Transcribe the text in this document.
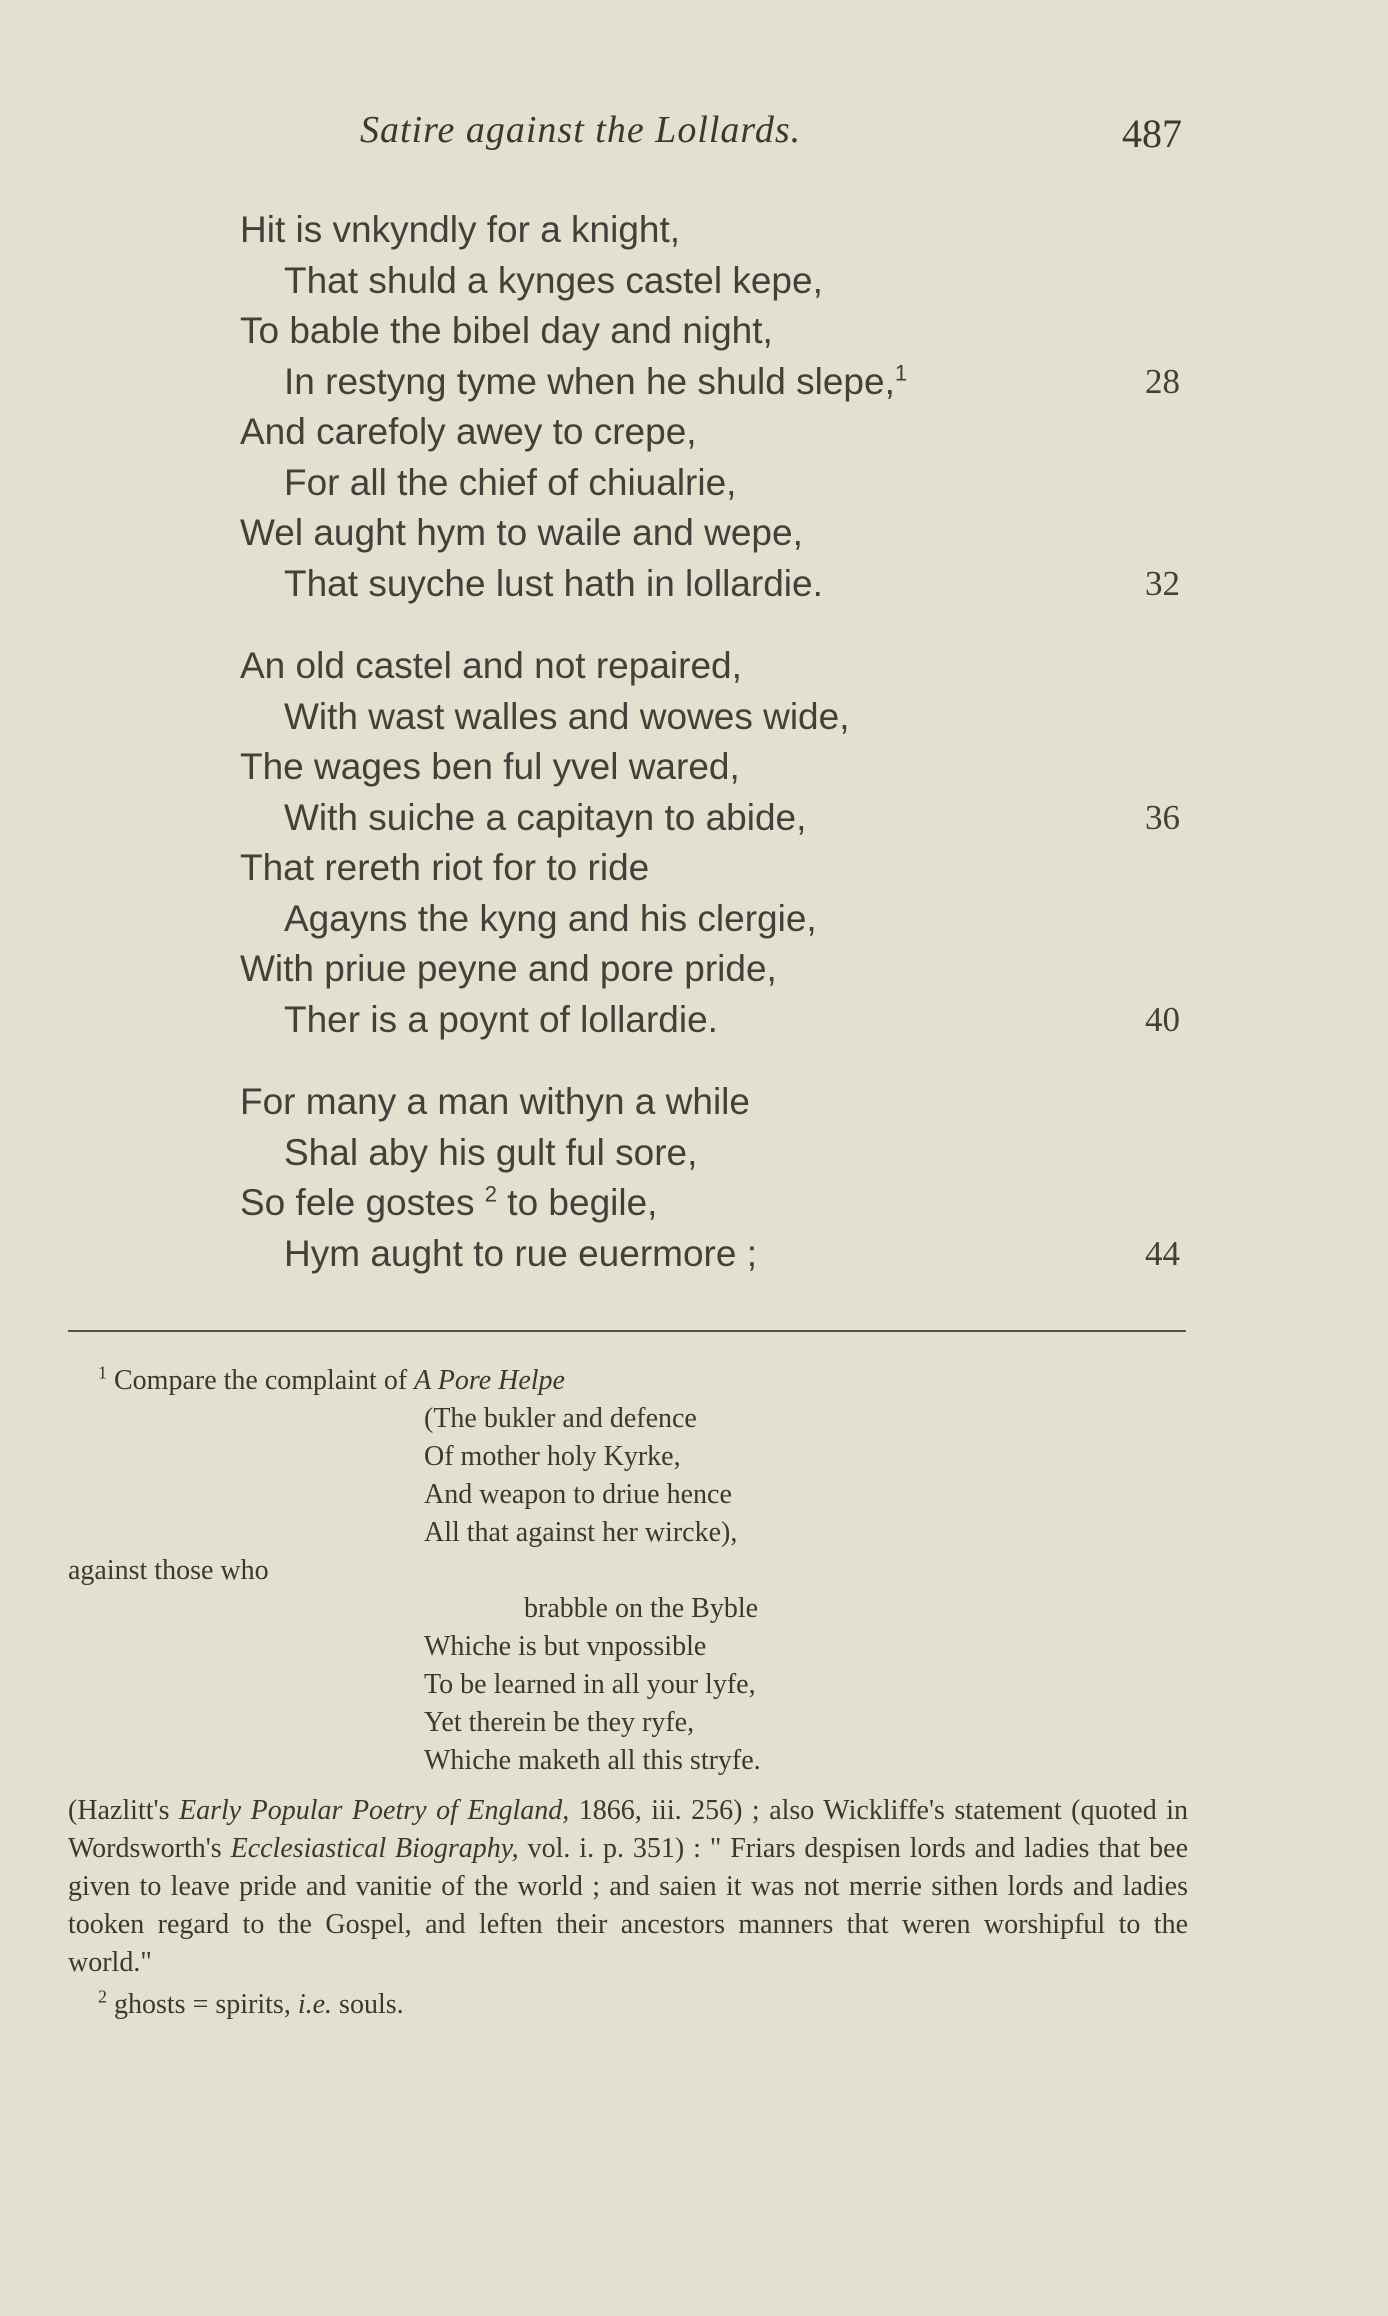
Satire against the Lollards.	487
Hit is vnkyndly for a knight,
That shuld a kynges castel kepe,
To bable the bibel day and night,
In restyng tyme when he shuld slepe,$^1$	28
And carefoly awey to crepe,
For all the chief of chiualrie,
Wel aught hym to waile and wepe,
That suyche lust hath in lollardie.	32
An old castel and not repaired,
With wast walles and wowes wide,
The wages ben ful yvel wared,
With suiche a capitayn to abide,	36
That rereth riot for to ride
Agayns the kyng and his clergie,
With priue peyne and pore pride,
Ther is a poynt of lollardie.	40
For many a man withyn a while
Shal aby his gult ful sore,
So fele gostes $^2$ to begile,
Hym aught to rue euermore ;	44
$^1$ Compare the complaint of A Pore Helpe
(The bukler and defence
Of mother holy Kyrke,
And weapon to driue hence
All that against her wircke),
against those who
brabble on the Byble
Whiche is but vnpossible
To be learned in all your lyfe,
Yet therein be they ryfe,
Whiche maketh all this stryfe.
(Hazlitt's Early Popular Poetry of England, 1866, iii. 256) ; also Wickliffe's statement (quoted in Wordsworth's Ecclesiastical Biography, vol. i. p. 351) : " Friars despisen lords and ladies that bee given to leave pride and vanitie of the world ; and saien it was not merrie sithen lords and ladies tooken regard to the Gospel, and leften their ancestors manners that weren worshipful to the world."
$^2$ ghosts = spirits, i.e. souls.
